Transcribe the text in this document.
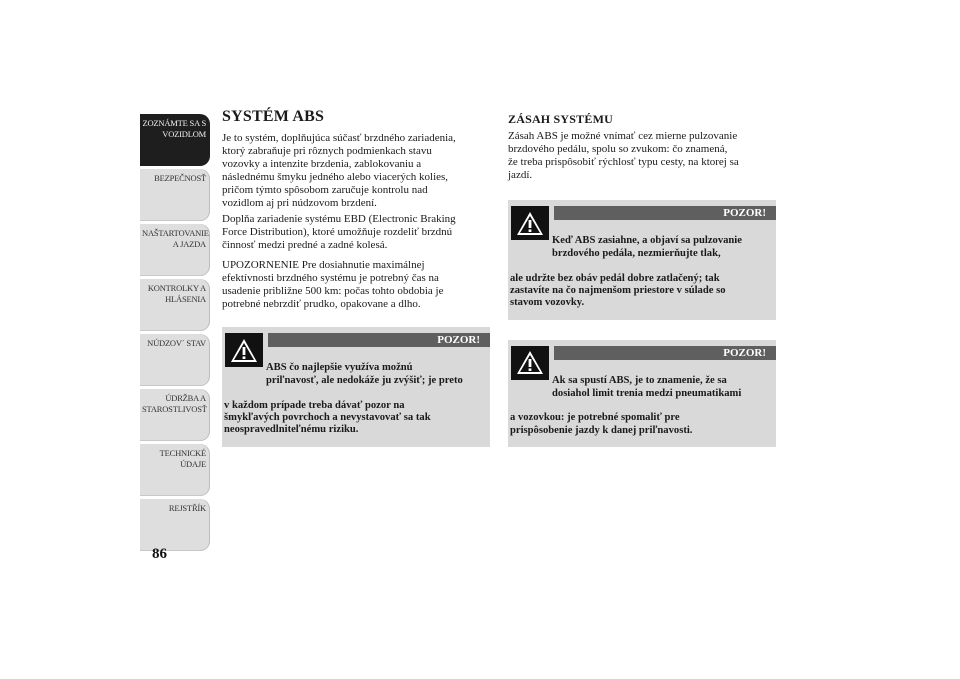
ZOZNÁMTE SA S
VOZIDLOM
BEZPEČNOSŤ
NAŠTARTOVANIE
A JAZDA
KONTROLKY A
HLÁSENIA
NÚDZOV´ STAV
ÚDRŽBA A
STAROSTLIVOSŤ
TECHNICKÉ
ÚDAJE
REJSTŘÍK
86
SYSTÉM ABS

Je to systém, doplňujúca súčasť brzdného zariadenia,
ktorý zabraňuje pri rôznych podmienkach stavu
vozovky a intenzite brzdenia, zablokovaniu a
následnému šmyku jedného alebo viacerých kolies,
pričom týmto spôsobom zaručuje kontrolu nad
vozidlom aj pri núdzovom brzdení.

Doplňa zariadenie systému EBD (Electronic Braking
Force Distribution), ktoré umožňuje rozdeliť brzdnú
činnosť medzi predné a zadné kolesá.

UPOZORNENIE Pre dosiahnutie maximálnej
efektívnosti brzdného systému je potrebný čas na
usadenie približne 500 km: počas tohto obdobia je
potrebné nebrzdiť prudko, opakovane a dlho.

POZOR!

ABS čo najlepšie využíva možnú
priľnavosť, ale nedokáže ju zvýšiť; je preto

v každom prípade treba dávať pozor na
šmykľavých povrchoch a nevystavovať sa tak
neospravedlniteľnému riziku.

ZÁSAH SYSTÉMU

Zásah ABS je možné vnímať cez mierne pulzovanie
brzdového pedálu, spolu so zvukom: čo znamená,
že treba prispôsobiť rýchlosť typu cesty, na ktorej sa
jazdí.

POZOR!

Keď ABS zasiahne, a objaví sa pulzovanie
brzdového pedála, nezmierňujte tlak,

ale udržte bez obáv pedál dobre zatlačený; tak
zastavíte na čo najmenšom priestore v súlade so
stavom vozovky.

POZOR!

Ak sa spustí ABS, je to znamenie, že sa
dosiahol limit trenia medzi pneumatikami

a vozovkou: je potrebné spomaliť pre
prispôsobenie jazdy k danej priľnavosti.
